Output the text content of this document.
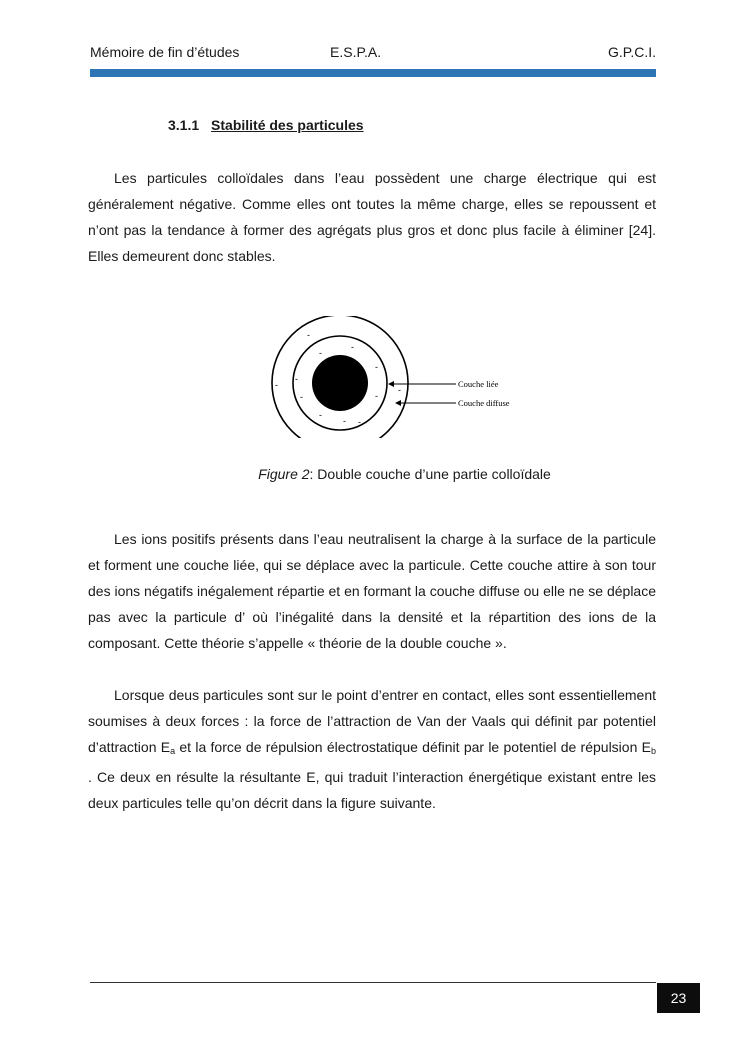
Mémoire de fin d’études	E.S.P.A.	G.P.C.I.
3.1.1 Stabilité des particules

Les particules colloïdales dans l’eau possèdent une charge électrique qui est généralement négative. Comme elles ont toutes la même charge, elles se repoussent et n’ont pas la tendance à former des agrégats plus gros et donc plus facile à éliminer [24]. Elles demeurent donc stables.

·
-
-
-
-
-
-
-
-
-
-
- -
Couche liée
Couche diffuse
Figure 2: Double couche d’une partie colloïdale

Les ions positifs présents dans l’eau neutralisent la charge à la surface de la particule et forment une couche liée, qui se déplace avec la particule. Cette couche attire à son tour des ions négatifs inégalement répartie et en formant la couche diffuse ou elle ne se déplace pas avec la particule d’ où l’inégalité dans la densité et la répartition des ions de la composant. Cette théorie s’appelle « théorie de la double couche ».

Lorsque deus particules sont sur le point d’entrer en contact, elles sont essentiellement soumises à deux forces : la force de l’attraction de Van der Vaals qui définit par potentiel d’attraction $E_a$ et la force de répulsion électrostatique définit par le potentiel de répulsion $E_b$ . Ce deux en résulte la résultante E, qui traduit l’interaction énergétique existant entre les deux particules telle qu’on décrit dans la figure suivante.

23
